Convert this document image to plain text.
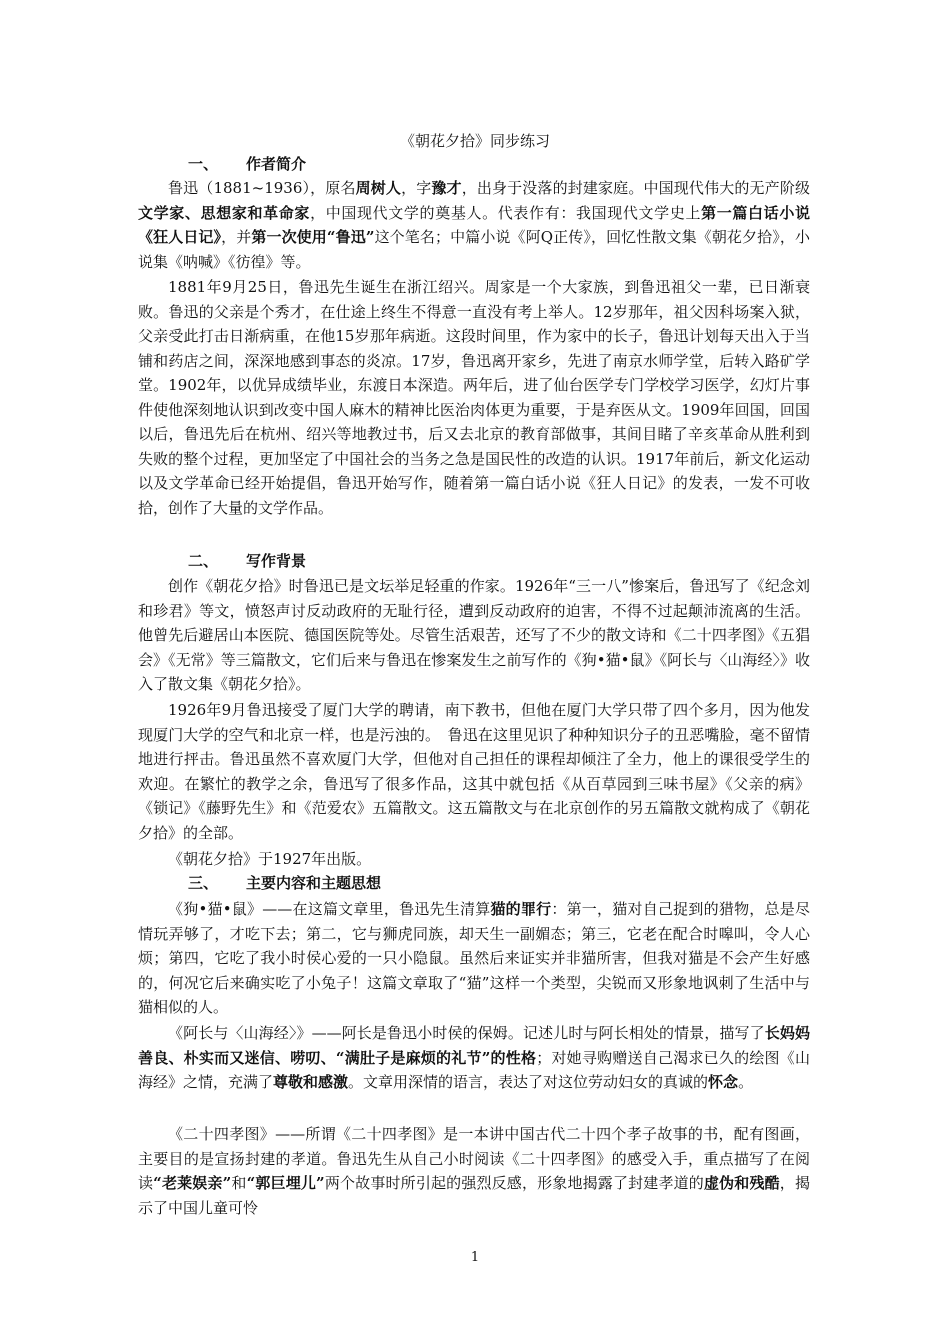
《朝花夕拾》同步练习
一、 作者简介

鲁迅（1881~1936），原名周树人，字豫才，出身于没落的封建家庭。中国现代伟大的无产阶级文学家、思想家和革命家，中国现代文学的奠基人。代表作有：我国现代文学史上第一篇白话小说《狂人日记》，并第一次使用“鲁迅”这个笔名；中篇小说《阿Q正传》，回忆性散文集《朝花夕拾》，小说集《呐喊》《彷徨》等。

1881年9月25日，鲁迅先生诞生在浙江绍兴。周家是一个大家族，到鲁迅祖父一辈，已日渐衰败。鲁迅的父亲是个秀才，在仕途上终生不得意一直没有考上举人。12岁那年，祖父因科场案入狱，父亲受此打击日渐病重，在他15岁那年病逝。这段时间里，作为家中的长子，鲁迅计划每天出入于当铺和药店之间，深深地感到事态的炎凉。17岁，鲁迅离开家乡，先进了南京水师学堂，后转入路矿学堂。1902年，以优异成绩毕业，东渡日本深造。两年后，进了仙台医学专门学校学习医学，幻灯片事件使他深刻地认识到改变中国人麻木的精神比医治肉体更为重要，于是弃医从文。1909年回国，回国以后，鲁迅先后在杭州、绍兴等地教过书，后又去北京的教育部做事，其间目睹了辛亥革命从胜利到失败的整个过程，更加坚定了中国社会的当务之急是国民性的改造的认识。1917年前后，新文化运动以及文学革命已经开始提倡，鲁迅开始写作，随着第一篇白话小说《狂人日记》的发表，一发不可收拾，创作了大量的文学作品。

二、 写作背景

创作《朝花夕拾》时鲁迅已是文坛举足轻重的作家。1926年“三一八”惨案后，鲁迅写了《纪念刘和珍君》等文，愤怒声讨反动政府的无耻行径，遭到反动政府的迫害，不得不过起颠沛流离的生活。他曾先后避居山本医院、德国医院等处。尽管生活艰苦，还写了不少的散文诗和《二十四孝图》《五猖会》《无常》等三篇散文，它们后来与鲁迅在惨案发生之前写作的《狗•猫•鼠》《阿长与〈山海经〉》收入了散文集《朝花夕拾》。

1926年9月鲁迅接受了厦门大学的聘请，南下教书，但他在厦门大学只带了四个多月，因为他发现厦门大学的空气和北京一样，也是污浊的。　鲁迅在这里见识了种种知识分子的丑恶嘴脸，毫不留情地进行抨击。鲁迅虽然不喜欢厦门大学，但他对自己担任的课程却倾注了全力，他上的课很受学生的欢迎。在繁忙的教学之余，鲁迅写了很多作品，这其中就包括《从百草园到三味书屋》《父亲的病》《锁记》《藤野先生》和《范爱农》五篇散文。这五篇散文与在北京创作的另五篇散文就构成了《朝花夕拾》的全部。

《朝花夕拾》于1927年出版。

三、 主要内容和主题思想

《狗•猫•鼠》——在这篇文章里，鲁迅先生清算猫的罪行：第一，猫对自己捉到的猎物，总是尽情玩弄够了，才吃下去；第二，它与狮虎同族，却天生一副媚态；第三，它老在配合时嗥叫，令人心烦；第四，它吃了我小时侯心爱的一只小隐鼠。虽然后来证实并非猫所害，但我对猫是不会产生好感的，何况它后来确实吃了小兔子！这篇文章取了“猫”这样一个类型，尖锐而又形象地讽刺了生活中与猫相似的人。

《阿长与〈山海经〉》——阿长是鲁迅小时侯的保姆。记述儿时与阿长相处的情景，描写了长妈妈善良、朴实而又迷信、唠叨、“满肚子是麻烦的礼节”的性格；对她寻购赠送自己渴求已久的绘图《山海经》之情，充满了尊敬和感激。文章用深情的语言，表达了对这位劳动妇女的真诚的怀念。

《二十四孝图》——所谓《二十四孝图》是一本讲中国古代二十四个孝子故事的书，配有图画，主要目的是宣扬封建的孝道。鲁迅先生从自己小时阅读《二十四孝图》的感受入手，重点描写了在阅读“老莱娱亲”和“郭巨埋儿”两个故事时所引起的强烈反感，形象地揭露了封建孝道的虚伪和残酷，揭示了中国儿童可怜

1
